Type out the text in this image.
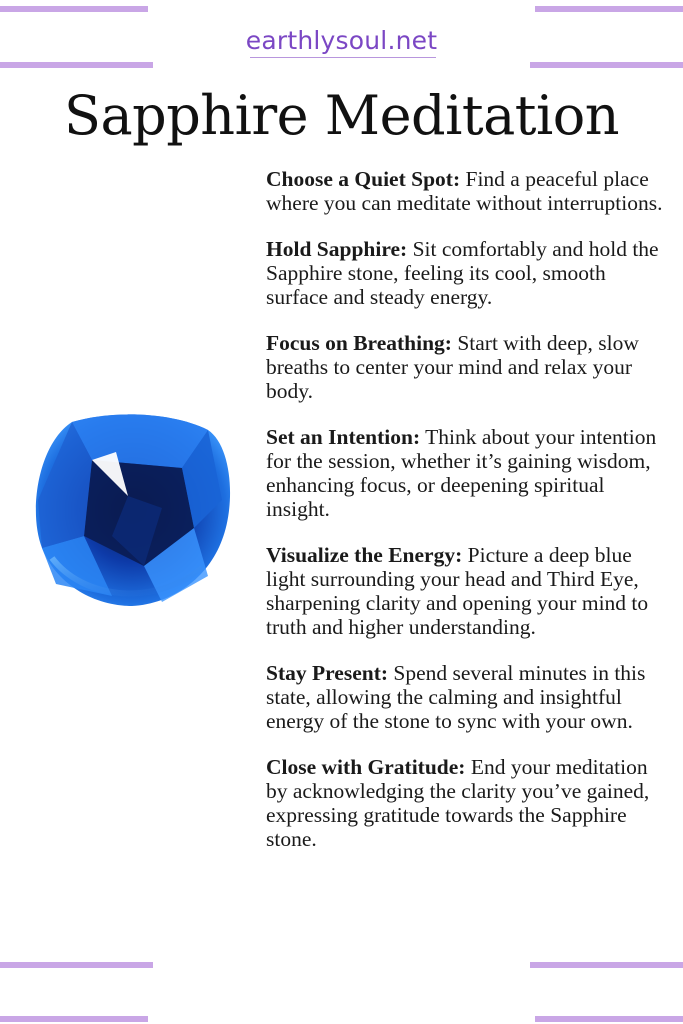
earthlysoul.net
Sapphire Meditation

Choose a Quiet Spot: Find a peaceful place where you can meditate without interruptions.

Hold Sapphire: Sit comfortably and hold the Sapphire stone, feeling its cool, smooth surface and steady energy.

Focus on Breathing: Start with deep, slow breaths to center your mind and relax your body.

Set an Intention: Think about your intention for the session, whether it’s gaining wisdom, enhancing focus, or deepening spiritual insight.

Visualize the Energy: Picture a deep blue light surrounding your head and Third Eye, sharpening clarity and opening your mind to truth and higher understanding.

Stay Present: Spend several minutes in this state, allowing the calming and insightful energy of the stone to sync with your own.

Close with Gratitude: End your meditation by acknowledging the clarity you’ve gained, expressing gratitude towards the Sapphire stone.
